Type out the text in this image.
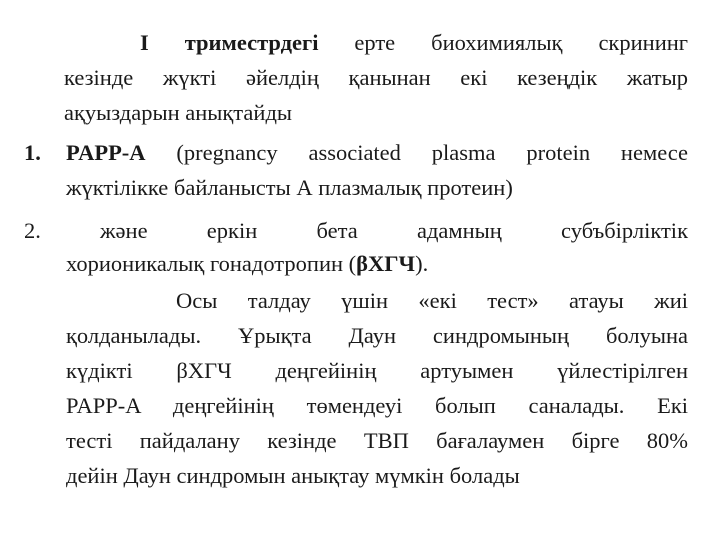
I триместрдегі ерте биохимиялық скрининг
кезінде жүкті әйелдің қанынан екі кезеңдік жатыр
ақуыздарын анықтайды
1. PAPP-A (pregnancy associated plasma protein немесе
жүктілікке байланысты А плазмалық протеин)
2.	және еркін бета адамның субъбірліктік
хорионикалық гонадотропин (βХГЧ).
Осы талдау үшін «екі тест» атауы жиі
қолданылады. Ұрықта Даун синдромының болуына
күдікті βХГЧ деңгейінің артуымен үйлестірілген
PAPP-A деңгейінің төмендеуі болып саналады. Екі
тесті пайдалану кезінде ТВП бағалаумен бірге 80%
дейін Даун синдромын анықтау мүмкін болады
